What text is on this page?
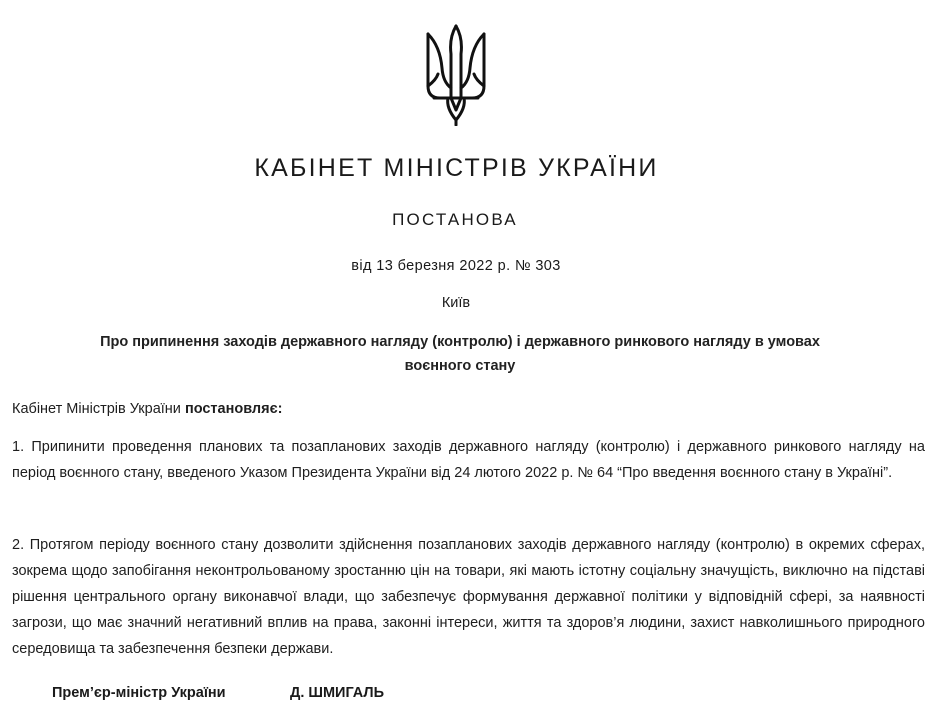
КАБІНЕТ МІНІСТРІВ УКРАЇНИ
ПОСТАНОВА
від 13 березня 2022 р. № 303
Київ
Про припинення заходів державного нагляду (контролю) і державного ринкового нагляду в умовах воєнного стану
Кабінет Міністрів України постановляє:
1. Припинити проведення планових та позапланових заходів державного нагляду (контролю) і державного ринкового нагляду на період воєнного стану, введеного Указом Президента України від 24 лютого 2022 р. № 64 “Про введення воєнного стану в Україні”.
2. Протягом періоду воєнного стану дозволити здійснення позапланових заходів державного нагляду (контролю) в окремих сферах, зокрема щодо запобігання неконтрольованому зростанню цін на товари, які мають істотну соціальну значущість, виключно на підставі рішення центрального органу виконавчої влади, що забезпечує формування державної політики у відповідній сфері, за наявності загрози, що має значний негативний вплив на права, законні інтереси, життя та здоров’я людини, захист навколишнього природного середовища та забезпечення безпеки держави.
Прем’єр-міністр України	Д. ШМИГАЛЬ
